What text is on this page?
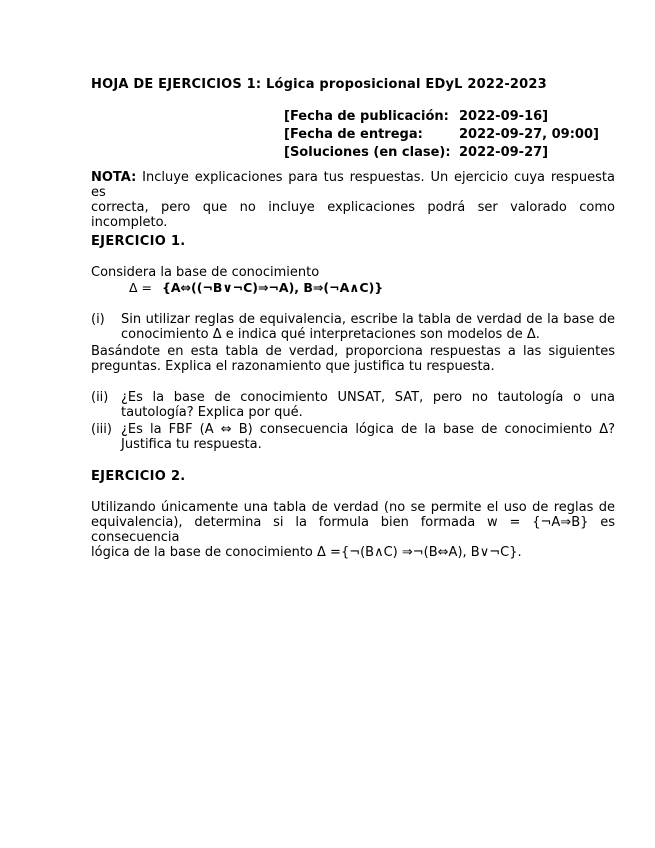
HOJA DE EJERCICIOS 1: Lógica proposicional EDyL 2022-2023
[Fecha de publicación: 2022-09-16]
[Fecha de entrega:	2022-09-27, 09:00]
[Soluciones (en clase): 2022-09-27]
NOTA: Incluye explicaciones para tus respuestas. Un ejercicio cuya respuesta es
correcta, pero que no incluye explicaciones podrá ser valorado como incompleto.
EJERCICIO 1.
Considera la base de conocimiento
Δ = {A⇔((¬B∨¬C)⇒¬A), B⇒(¬A∧C)}
(i)	Sin utilizar reglas de equivalencia, escribe la tabla de verdad de la base de
conocimiento Δ e indica qué interpretaciones son modelos de Δ.
Basándote en esta tabla de verdad, proporciona respuestas a las siguientes
preguntas. Explica el razonamiento que justifica tu respuesta.
(ii) ¿Es la base de conocimiento UNSAT, SAT, pero no tautología o una
tautología? Explica por qué.
(iii) ¿Es la FBF (A ⇔ B) consecuencia lógica de la base de conocimiento Δ?
Justifica tu respuesta.
EJERCICIO 2.
Utilizando únicamente una tabla de verdad (no se permite el uso de reglas de
equivalencia), determina si la formula bien formada w = {¬A⇒B} es consecuencia
lógica de la base de conocimiento Δ ={¬(B∧C) ⇒¬(B⇔A), B∨¬C}.
